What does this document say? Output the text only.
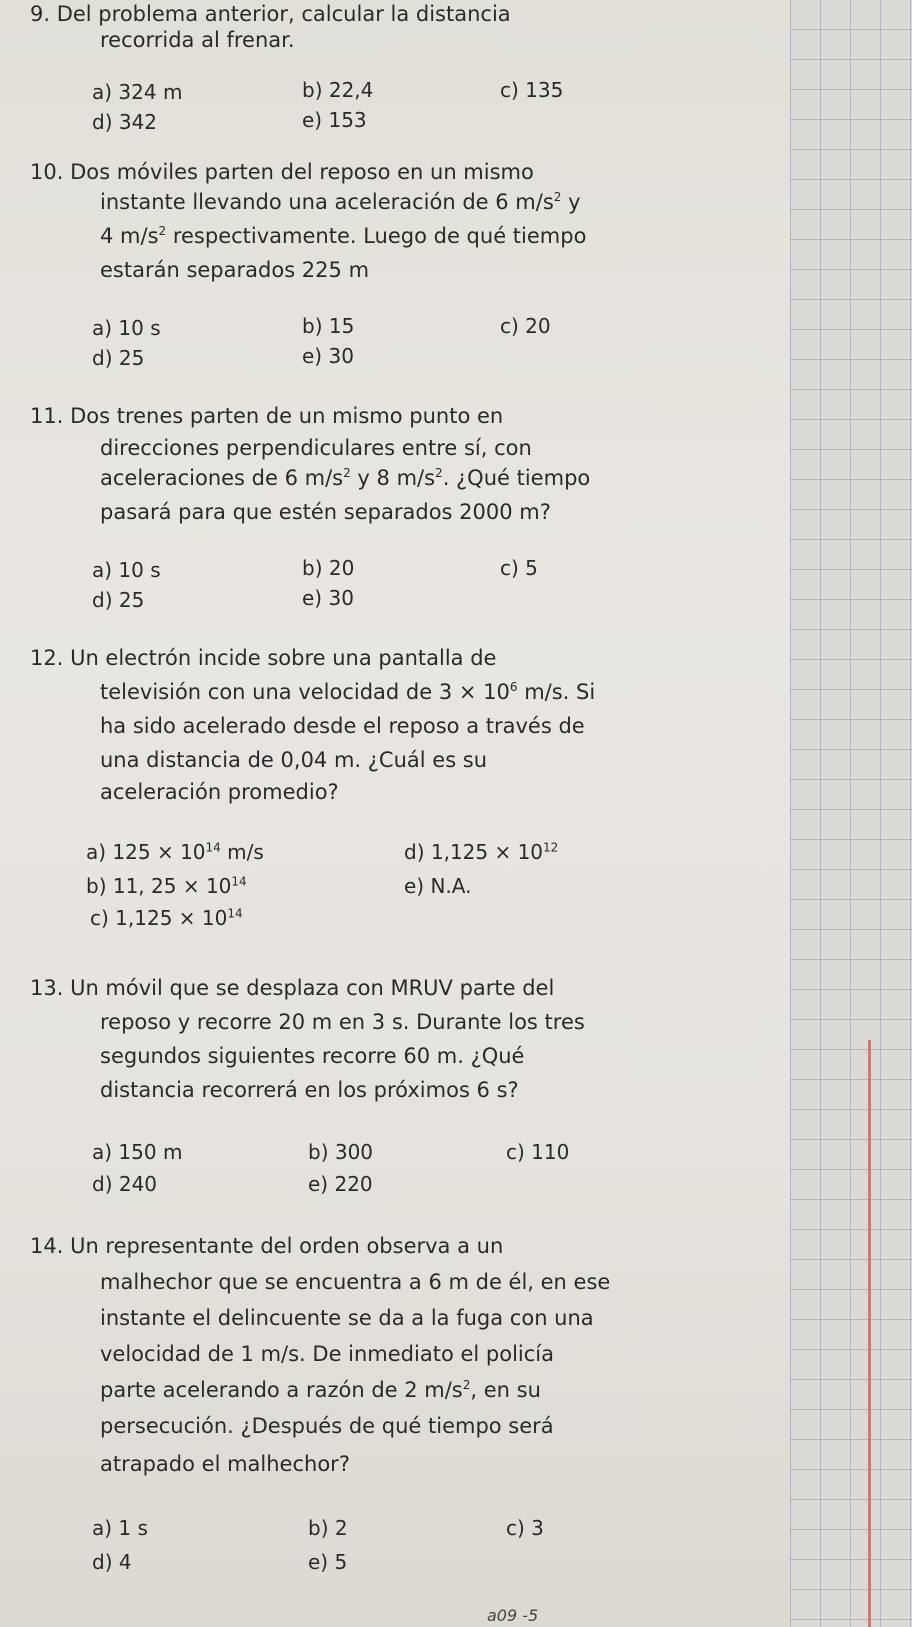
9. Del problema anterior, calcular la distancia
recorrida al frenar.
a) 324 m	b) 22,4	c) 135
d) 342	e) 153
10. Dos móviles parten del reposo en un mismo
instante llevando una aceleración de 6 $m/s^2$ y
4 $m/s^2$ respectivamente. Luego de qué tiempo
estarán separados 225 m
a) 10 s	b) 15	c) 20
d) 25	e) 30
11. Dos trenes parten de un mismo punto en
direcciones perpendiculares entre sí, con
aceleraciones de 6 $m/s^2$ y 8 $m/s^2$. ¿Qué tiempo
pasará para que estén separados 2000 m?
a) 10 s	b) 20	c) 5
d) 25	e) 30
12. Un electrón incide sobre una pantalla de
televisión con una velocidad de $3 \times 10^6$ m/s. Si
ha sido acelerado desde el reposo a través de
una distancia de 0,04 m. ¿Cuál es su
aceleración promedio?
a) $125 \times 10^{14}$ m/s	d) $1,125 \times 10^{12}$
b) 11, $25 \times 10^{14}$	e) N.A.
c) $1,125 \times 10^{14}$
13. Un móvil que se desplaza con MRUV parte del
reposo y recorre 20 m en 3 s. Durante los tres
segundos siguientes recorre 60 m. ¿Qué
distancia recorrerá en los próximos 6 s?
a) 150 m	b) 300	c) 110
d) 240	e) 220
14. Un representante del orden observa a un
malhechor que se encuentra a 6 m de él, en ese
instante el delincuente se da a la fuga con una
velocidad de 1 m/s. De inmediato el policía
parte acelerando a razón de 2 $m/s^2$, en su
persecución. ¿Después de qué tiempo será
atrapado el malhechor?
a) 1 s	b) 2	c) 3
d) 4	e) 5
a09 -5
